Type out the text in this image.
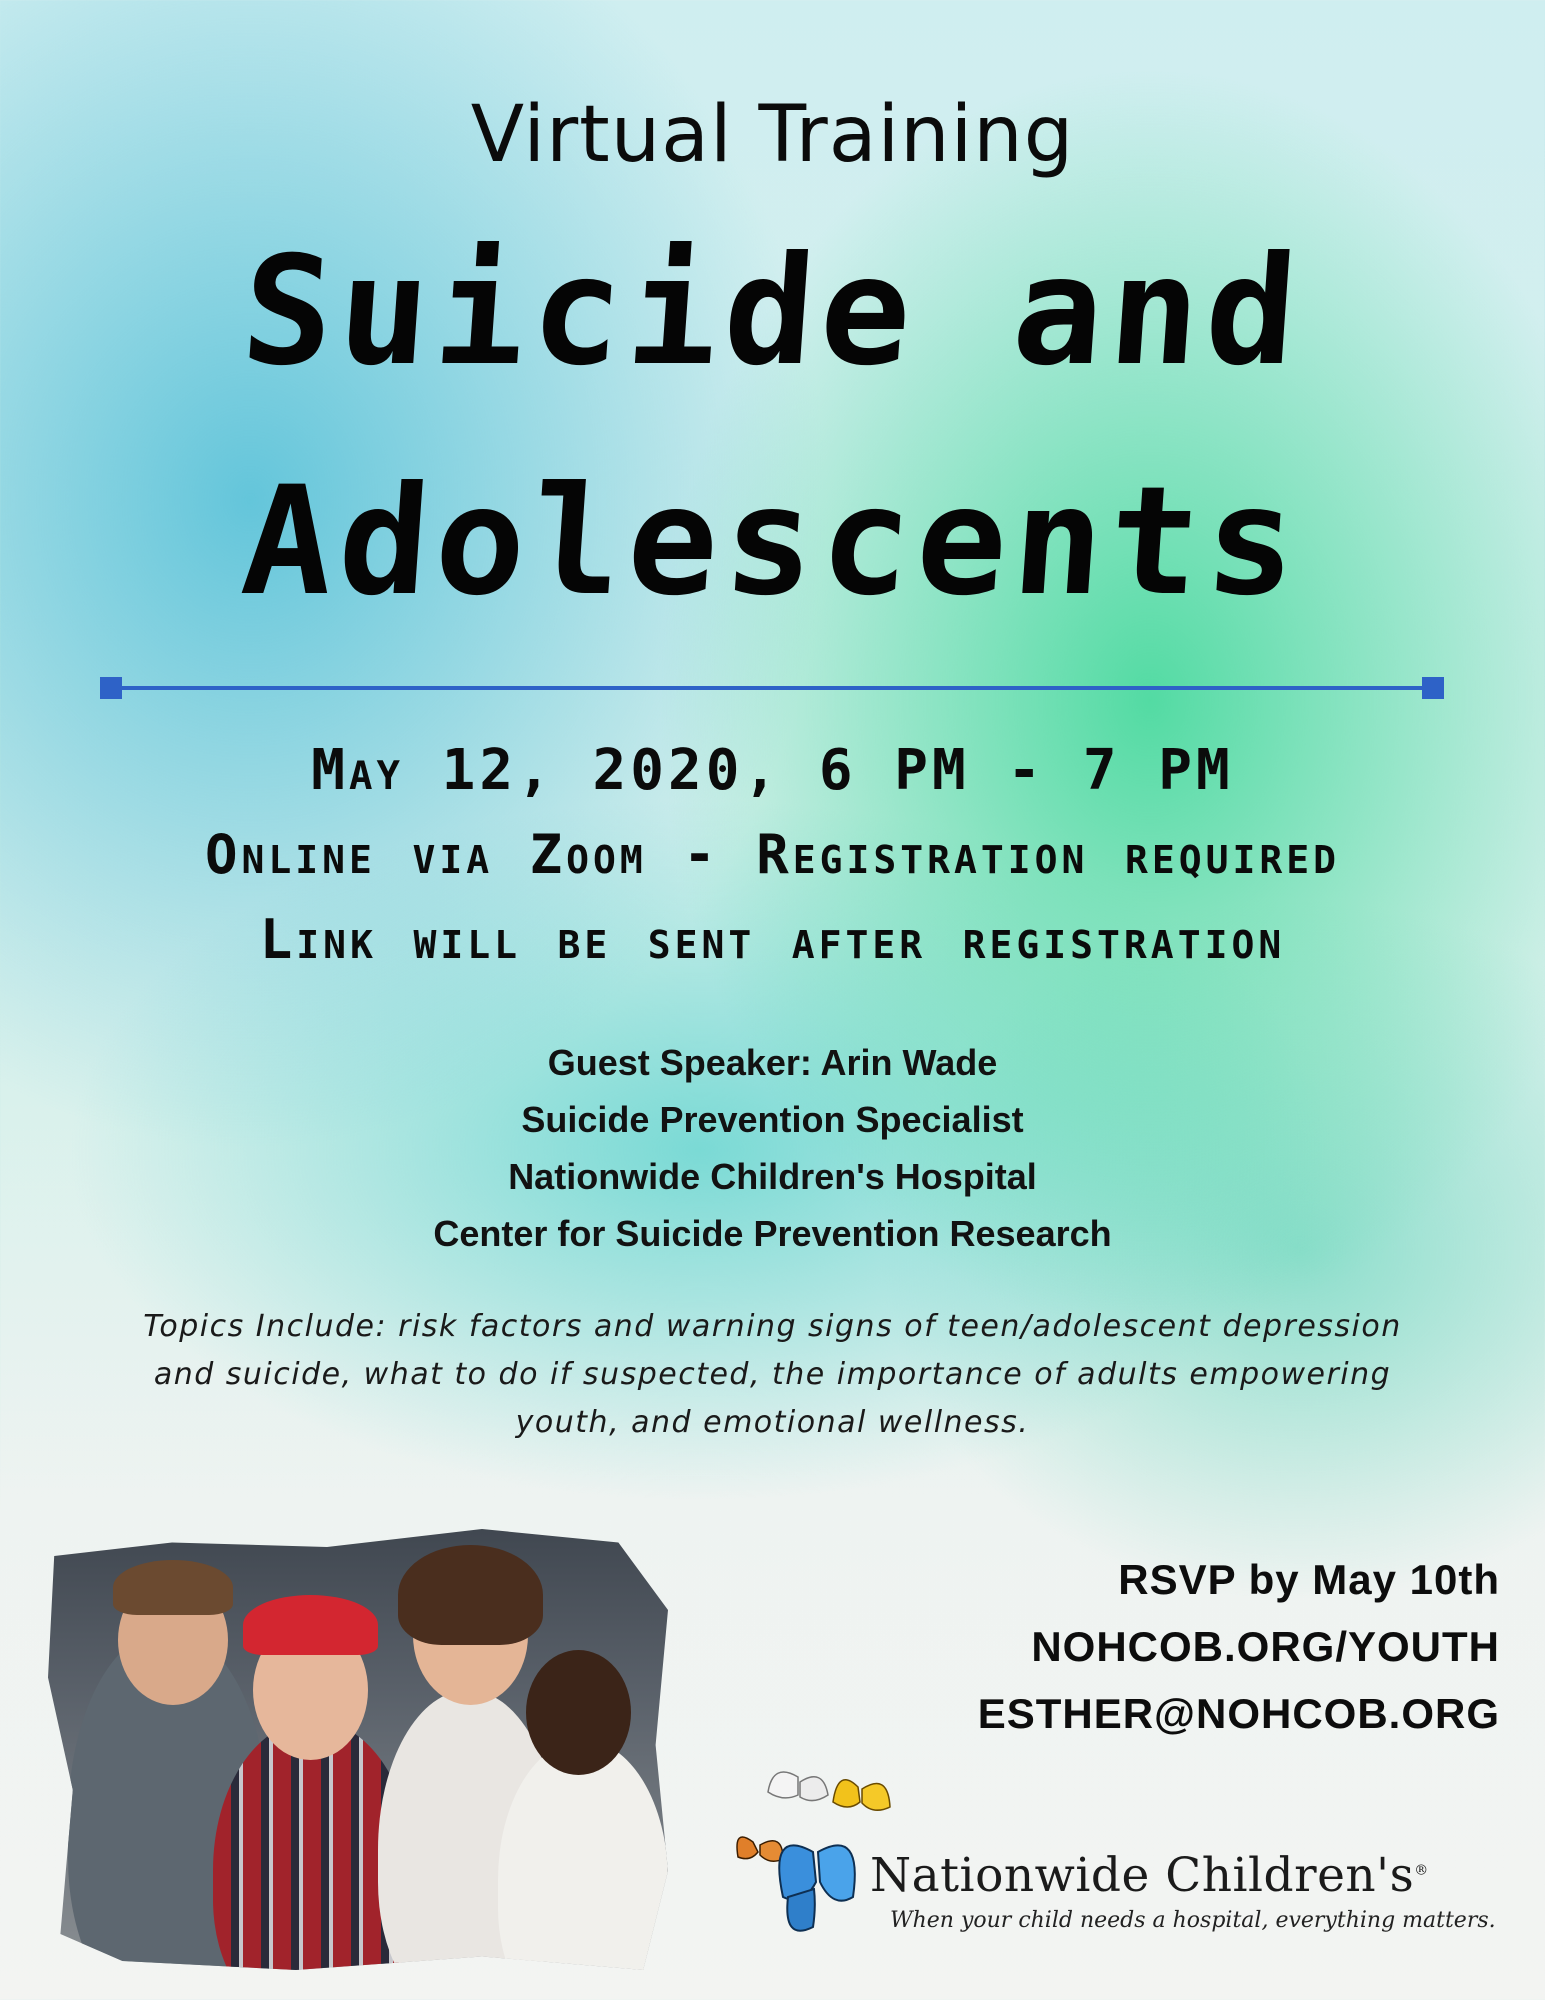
Virtual Training
Suicide and
Adolescents
May 12, 2020, 6 PM - 7 PM
Online via Zoom - Registration required
Link will be sent after registration
Guest Speaker: Arin Wade
Suicide Prevention Specialist
Nationwide Children's Hospital
Center for Suicide Prevention Research
Topics Include: risk factors and warning signs of teen/adolescent depression
and suicide, what to do if suspected, the importance of adults empowering
youth, and emotional wellness.
RSVP by May 10th
NOHCOB.ORG/YOUTH
ESTHER@NOHCOB.ORG
Nationwide Children's®
When your child needs a hospital, everything matters.
